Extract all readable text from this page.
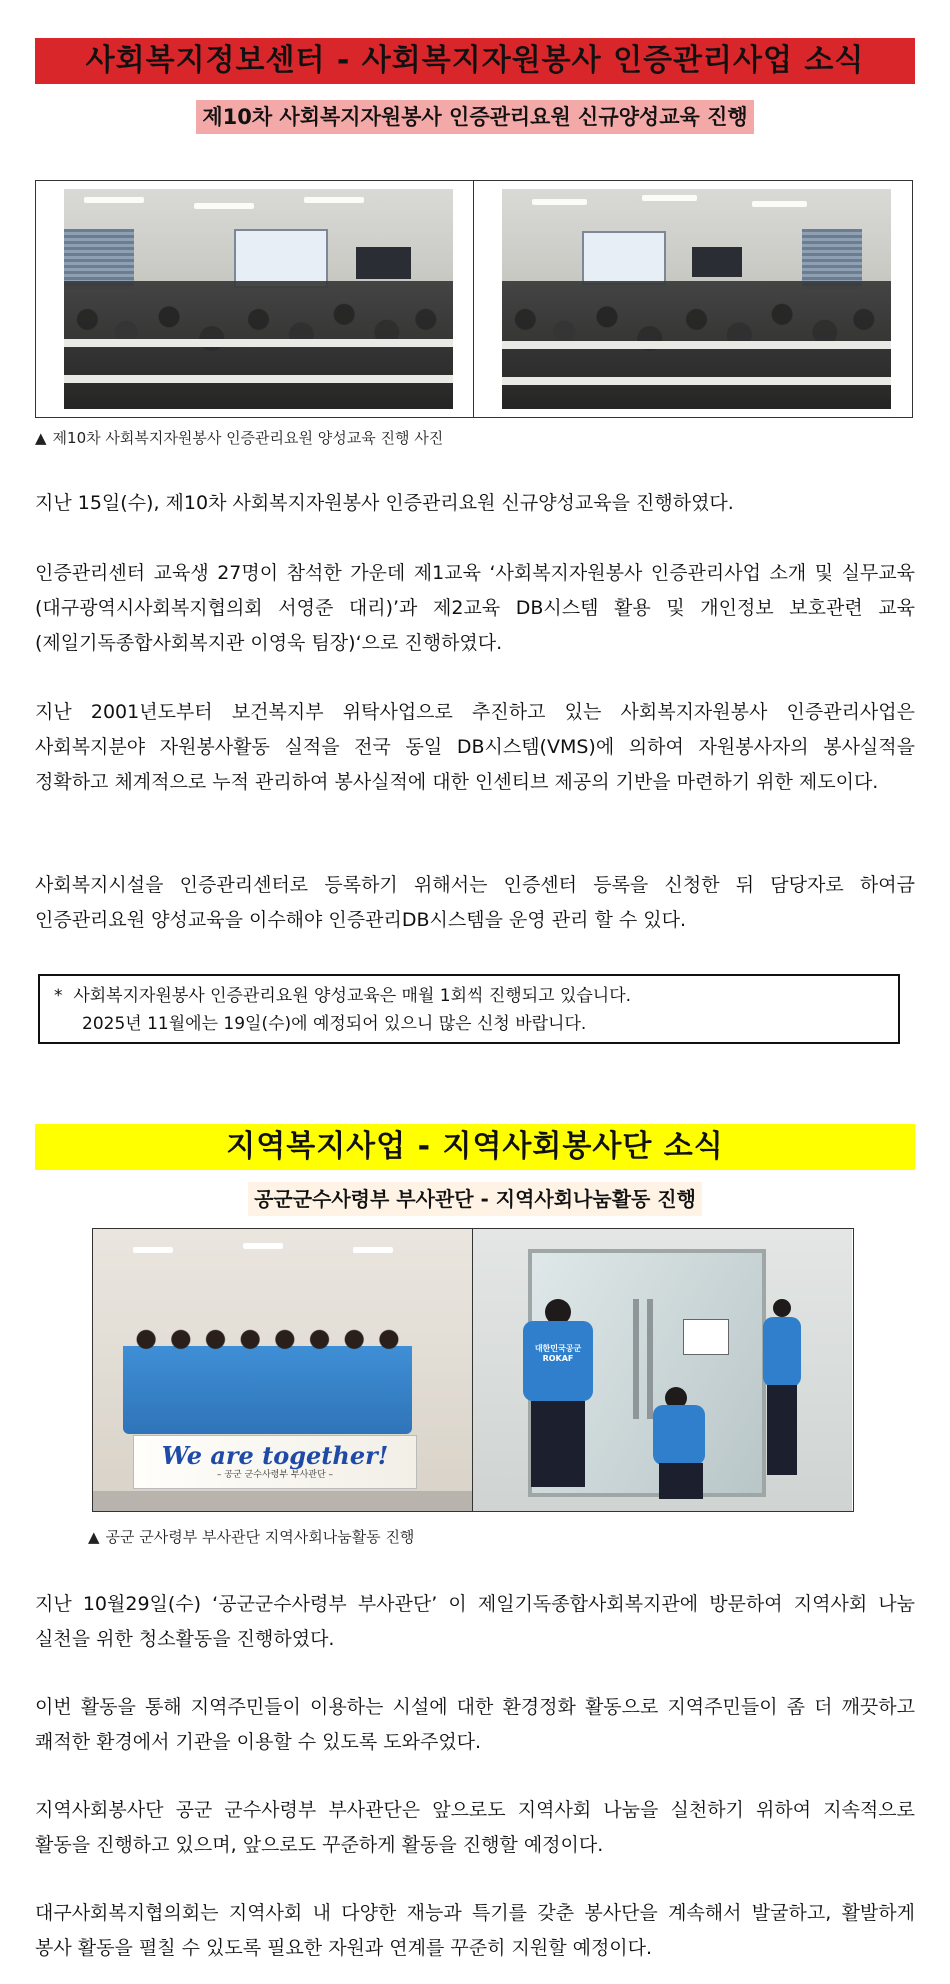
사회복지정보센터 - 사회복지자원봉사 인증관리사업 소식
제10차 사회복지자원봉사 인증관리요원 신규양성교육 진행
▲ 제10차 사회복지자원봉사 인증관리요원 양성교육 진행 사진
지난 15일(수), 제10차 사회복지자원봉사 인증관리요원 신규양성교육을 진행하였다.
인증관리센터 교육생 27명이 참석한 가운데 제1교육 ‘사회복지자원봉사 인증관리사업 소개 및 실무교육(대구광역시사회복지협의회 서영준 대리)’과 제2교육 DB시스템 활용 및 개인정보 보호관련 교육(제일기독종합사회복지관 이영욱 팀장)‘으로 진행하였다.
지난 2001년도부터 보건복지부 위탁사업으로 추진하고 있는 사회복지자원봉사 인증관리사업은 사회복지분야 자원봉사활동 실적을 전국 동일 DB시스템(VMS)에 의하여 자원봉사자의 봉사실적을 정확하고 체계적으로 누적 관리하여 봉사실적에 대한 인센티브 제공의 기반을 마련하기 위한 제도이다.
사회복지시설을 인증관리센터로 등록하기 위해서는 인증센터 등록을 신청한 뒤 담당자로 하여금 인증관리요원 양성교육을 이수해야 인증관리DB시스템을 운영 관리 할 수 있다.
* 사회복지자원봉사 인증관리요원 양성교육은 매월 1회씩 진행되고 있습니다.
2025년 11월에는 19일(수)에 예정되어 있으니 많은 신청 바랍니다.
지역복지사업 - 지역사회봉사단 소식
공군군수사령부 부사관단 - 지역사회나눔활동 진행
We are together!
– 공군 군수사령부 부사관단 –
대한민국공군 ROKAF
▲ 공군 군사령부 부사관단 지역사회나눔활동 진행
지난 10월29일(수) ‘공군군수사령부 부사관단’ 이 제일기독종합사회복지관에 방문하여 지역사회 나눔 실천을 위한 청소활동을 진행하였다.
이번 활동을 통해 지역주민들이 이용하는 시설에 대한 환경정화 활동으로 지역주민들이 좀 더 깨끗하고 쾌적한 환경에서 기관을 이용할 수 있도록 도와주었다.
지역사회봉사단 공군 군수사령부 부사관단은 앞으로도 지역사회 나눔을 실천하기 위하여 지속적으로 활동을 진행하고 있으며, 앞으로도 꾸준하게 활동을 진행할 예정이다.
대구사회복지협의회는 지역사회 내 다양한 재능과 특기를 갖춘 봉사단을 계속해서 발굴하고, 활발하게 봉사 활동을 펼칠 수 있도록 필요한 자원과 연계를 꾸준히 지원할 예정이다.
